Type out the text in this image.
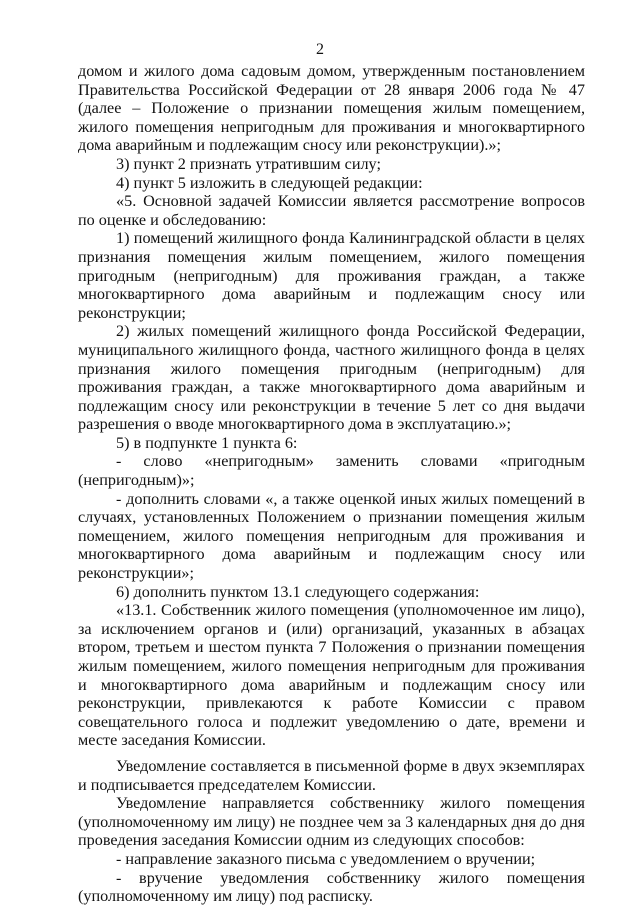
2

домом и жилого дома садовым домом, утвержденным постановлением Правительства Российской Федерации от 28 января 2006 года № 47 (далее – Положение о признании помещения жилым помещением, жилого помещения непригодным для проживания и многоквартирного дома аварийным и подлежащим сносу или реконструкции).»;

3) пункт 2 признать утратившим силу;

4) пункт 5 изложить в следующей редакции:

«5. Основной задачей Комиссии является рассмотрение вопросов по оценке и обследованию:

1) помещений жилищного фонда Калининградской области в целях признания помещения жилым помещением, жилого помещения пригодным (непригодным) для проживания граждан, а также многоквартирного дома аварийным и подлежащим сносу или реконструкции;

2) жилых помещений жилищного фонда Российской Федерации, муниципального жилищного фонда, частного жилищного фонда в целях признания жилого помещения пригодным (непригодным) для проживания граждан, а также многоквартирного дома аварийным и подлежащим сносу или реконструкции в течение 5 лет со дня выдачи разрешения о вводе многоквартирного дома в эксплуатацию.»;

5) в подпункте 1 пункта 6:

- слово «непригодным» заменить словами «пригодным (непригодным)»;

- дополнить словами «, а также оценкой иных жилых помещений в случаях, установленных Положением о признании помещения жилым помещением, жилого помещения непригодным для проживания и многоквартирного дома аварийным и подлежащим сносу или реконструкции»;

6) дополнить пунктом 13.1 следующего содержания:

«13.1. Собственник жилого помещения (уполномоченное им лицо), за исключением органов и (или) организаций, указанных в абзацах втором, третьем и шестом пункта 7 Положения о признании помещения жилым помещением, жилого помещения непригодным для проживания и многоквартирного дома аварийным и подлежащим сносу или реконструкции, привлекаются к работе Комиссии с правом совещательного голоса и подлежит уведомлению о дате, времени и месте заседания Комиссии.

Уведомление составляется в письменной форме в двух экземплярах и подписывается председателем Комиссии.

Уведомление направляется собственнику жилого помещения (уполномоченному им лицу) не позднее чем за 3 календарных дня до дня проведения заседания Комиссии одним из следующих способов:

- направление заказного письма с уведомлением о вручении;

- вручение уведомления собственнику жилого помещения (уполномоченному им лицу) под расписку.
